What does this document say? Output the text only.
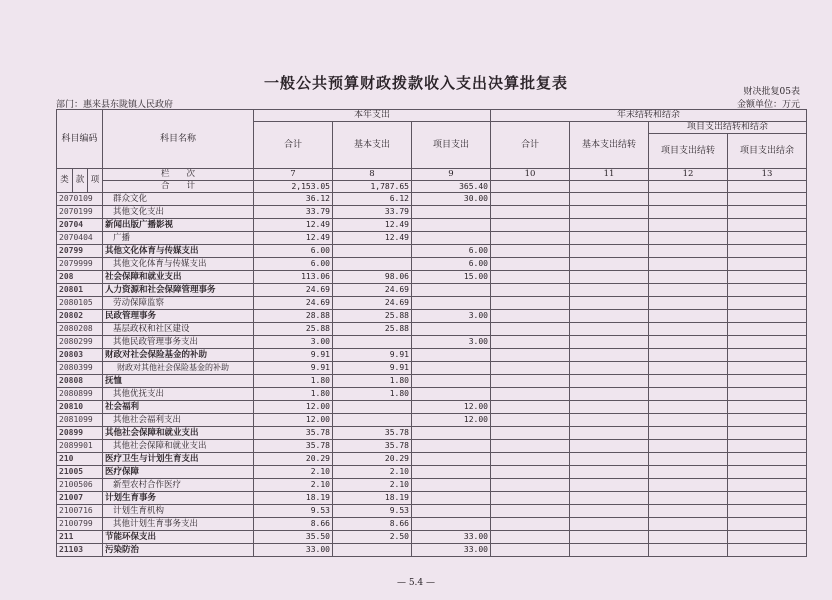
一般公共预算财政拨款收入支出决算批复表	财决批复05表
部门：惠来县东陇镇人民政府	金额单位：万元
科目编码			科目名称	本年支出			年末结转和结余			
				合计	基本支出	项目支出	合计	基本支出结转	项目支出结转和结余	
									项目支出结转	项目支出结余
类	款	项	栏　　次	7	8	9	10	11	12	13
			合　　计	2,153.05	1,787.65	365.40				
2070109			群众文化	36.12	6.12	30.00				
2070199			其他文化支出	33.79	33.79					
20704			新闻出版广播影视	12.49	12.49					
2070404			广播	12.49	12.49					
20799			其他文化体育与传媒支出	6.00		6.00				
2079999			其他文化体育与传媒支出	6.00		6.00				
208			社会保障和就业支出	113.06	98.06	15.00				
20801			人力资源和社会保障管理事务	24.69	24.69					
2080105			劳动保障监察	24.69	24.69					
20802			民政管理事务	28.88	25.88	3.00				
2080208			基层政权和社区建设	25.88	25.88					
2080299			其他民政管理事务支出	3.00		3.00				
20803			财政对社会保险基金的补助	9.91	9.91					
2080399			财政对其他社会保险基金的补助	9.91	9.91					
20808			抚恤	1.80	1.80					
2080899			其他优抚支出	1.80	1.80					
20810			社会福利	12.00		12.00				
2081099			其他社会福利支出	12.00		12.00				
20899			其他社会保障和就业支出	35.78	35.78					
2089901			其他社会保障和就业支出	35.78	35.78					
210			医疗卫生与计划生育支出	20.29	20.29					
21005			医疗保障	2.10	2.10					
2100506			新型农村合作医疗	2.10	2.10					
21007			计划生育事务	18.19	18.19					
2100716			计划生育机构	9.53	9.53					
2100799			其他计划生育事务支出	8.66	8.66					
211			节能环保支出	35.50	2.50	33.00				
21103			污染防治	33.00		33.00				
— 5.4 —
